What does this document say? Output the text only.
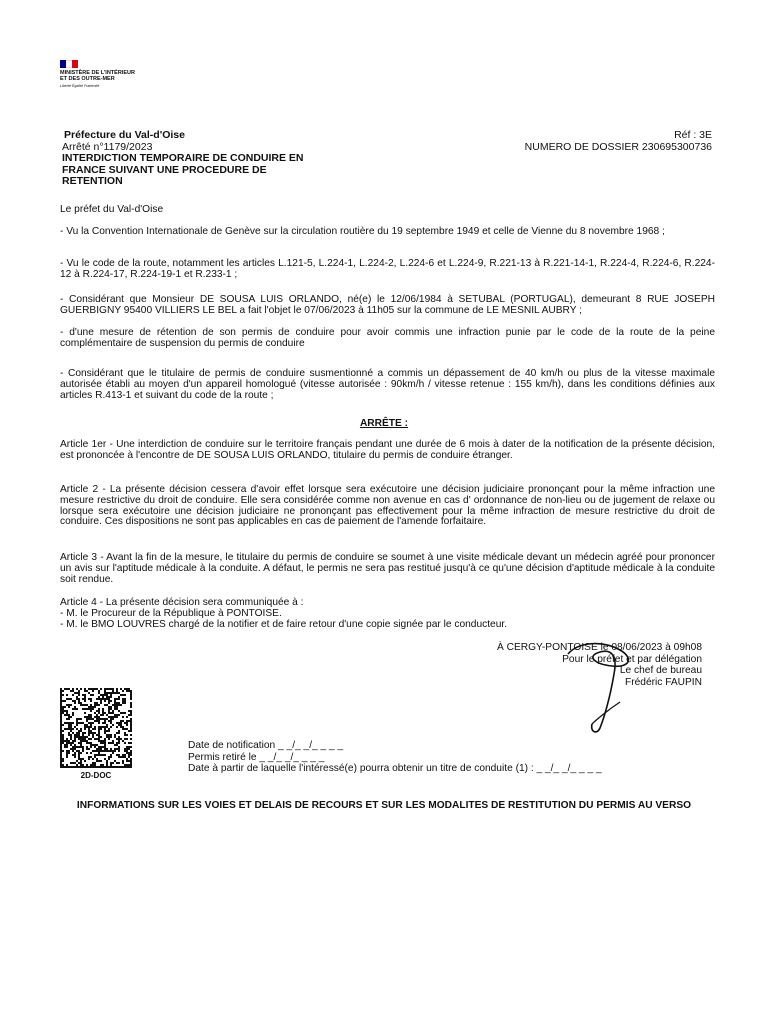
MINISTÈRE DE L'INTÉRIEUR ET DES OUTRE-MER
Liberté Égalité Fraternité
Préfecture du Val-d'Oise
Arrêté n°1179/2023
INTERDICTION TEMPORAIRE DE CONDUIRE EN FRANCE SUIVANT UNE PROCEDURE DE RETENTION
Réf : 3E
NUMERO DE DOSSIER 230695300736
Le préfet du Val-d'Oise
- Vu la Convention Internationale de Genève sur la circulation routière du 19 septembre 1949 et celle de Vienne du 8 novembre 1968 ;
- Vu le code de la route, notamment les articles L.121-5, L.224-1, L.224-2, L.224-6 et L.224-9, R.221-13 à R.221-14-1, R.224-4, R.224-6, R.224-12 à R.224-17, R.224-19-1 et R.233-1 ;
- Considérant que Monsieur DE SOUSA LUIS ORLANDO, né(e) le 12/06/1984 à SETUBAL (PORTUGAL), demeurant 8 RUE JOSEPH GUERBIGNY 95400 VILLIERS LE BEL a fait l'objet le 07/06/2023 à 11h05 sur la commune de LE MESNIL AUBRY ;
- d'une mesure de rétention de son permis de conduire pour avoir commis une infraction punie par le code de la route de la peine complémentaire de suspension du permis de conduire
- Considérant que le titulaire de permis de conduire susmentionné a commis un dépassement de 40 km/h ou plus de la vitesse maximale autorisée établi au moyen d'un appareil homologué (vitesse autorisée : 90km/h / vitesse retenue : 155 km/h), dans les conditions définies aux articles R.413-1 et suivant du code de la route ;
ARRÊTE :
Article 1er - Une interdiction de conduire sur le territoire français pendant une durée de 6 mois à dater de la notification de la présente décision, est prononcée à l'encontre de DE SOUSA LUIS ORLANDO, titulaire du permis de conduire étranger.
Article 2 - La présente décision cessera d'avoir effet lorsque sera exécutoire une décision judiciaire prononçant pour la même infraction une mesure restrictive du droit de conduire. Elle sera considérée comme non avenue en cas d' ordonnance de non-lieu ou de jugement de relaxe ou lorsque sera exécutoire une décision judiciaire ne prononçant pas effectivement pour la même infraction de mesure restrictive du droit de conduire. Ces dispositions ne sont pas applicables en cas de paiement de l'amende forfaitaire.
Article 3 - Avant la fin de la mesure, le titulaire du permis de conduire se soumet à une visite médicale devant un médecin agréé pour prononcer un avis sur l'aptitude médicale à la conduite. A défaut, le permis ne sera pas restitué jusqu'à ce qu'une décision d'aptitude médicale à la conduite soit rendue.
Article 4 - La présente décision sera communiquée à :
- M. le Procureur de la République à PONTOISE.
- M. le BMO LOUVRES chargé de la notifier et de faire retour d'une copie signée par le conducteur.
À CERGY-PONTOISE le 08/06/2023 à 09h08
Pour le préfet et par délégation
Le chef de bureau
Frédéric FAUPIN
2D-DOC
Date de notification _ _/_ _/_ _ _ _
Permis retiré le _ _/_ _/_ _ _ _
Date à partir de laquelle l'intéressé(e) pourra obtenir un titre de conduite (1) : _ _/_ _/_ _ _ _
INFORMATIONS SUR LES VOIES ET DELAIS DE RECOURS ET SUR LES MODALITES DE RESTITUTION DU PERMIS AU VERSO
